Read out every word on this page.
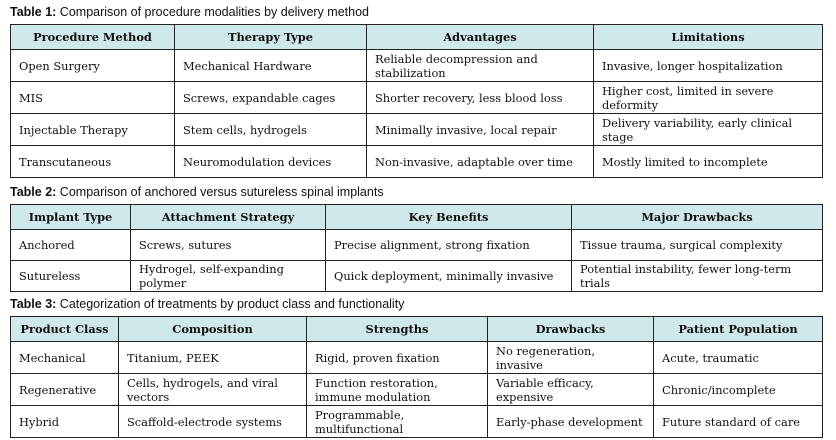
Table 1: Comparison of procedure modalities by delivery method
Procedure Method	Therapy Type	Advantages	Limitations
Open Surgery	Mechanical Hardware	Reliable decompression and stabilization	Invasive, longer hospitalization
MIS	Screws, expandable cages	Shorter recovery, less blood loss	Higher cost, limited in severe deformity
Injectable Therapy	Stem cells, hydrogels	Minimally invasive, local repair	Delivery variability, early clinical stage
Transcutaneous	Neuromodulation devices	Non-invasive, adaptable over time	Mostly limited to incomplete
Table 2: Comparison of anchored versus sutureless spinal implants
Implant Type	Attachment Strategy	Key Benefits	Major Drawbacks
Anchored	Screws, sutures	Precise alignment, strong fixation	Tissue trauma, surgical complexity
Sutureless	Hydrogel, self-expanding polymer	Quick deployment, minimally invasive	Potential instability, fewer long-term trials
Table 3: Categorization of treatments by product class and functionality
Product Class	Composition	Strengths	Drawbacks	Patient Population
Mechanical	Titanium, PEEK	Rigid, proven fixation	No regeneration, invasive	Acute, traumatic
Regenerative	Cells, hydrogels, and viral vectors	Function restoration, immune modulation	Variable efficacy, expensive	Chronic/incomplete
Hybrid	Scaffold-electrode systems	Programmable, multifunctional	Early-phase development	Future standard of care
